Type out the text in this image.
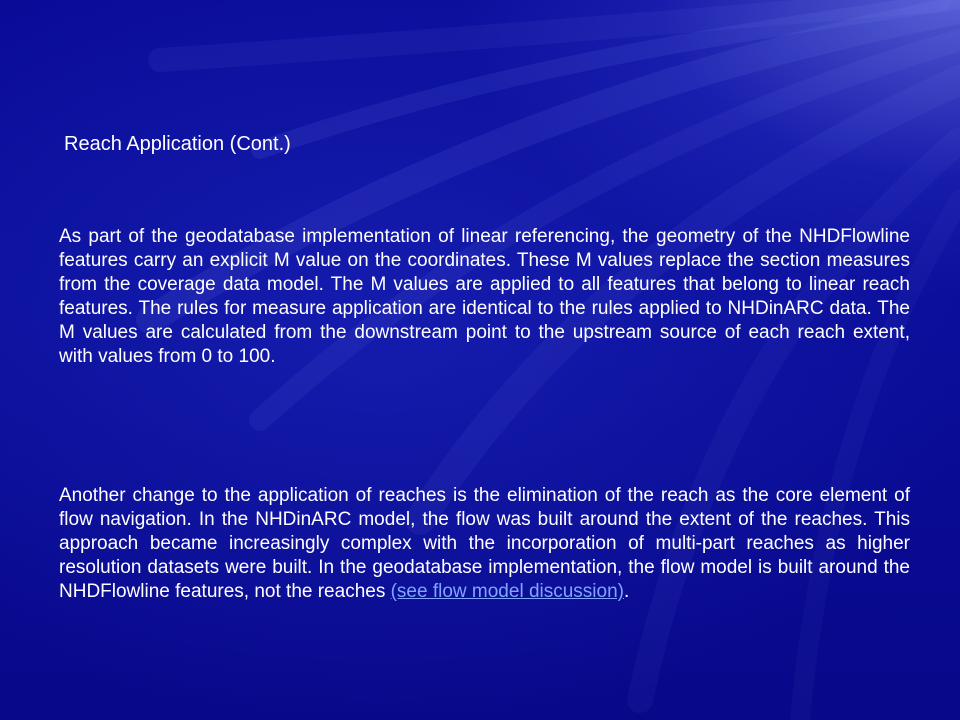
Reach Application (Cont.)

As part of the geodatabase implementation of linear referencing, the geometry of the NHDFlowline features carry an explicit M value on the coordinates. These M values replace the section measures from the coverage data model. The M values are applied to all features that belong to linear reach features. The rules for measure application are identical to the rules applied to NHDinARC data. The M values are calculated from the downstream point to the upstream source of each reach extent, with values from 0 to 100.

Another change to the application of reaches is the elimination of the reach as the core element of flow navigation. In the NHDinARC model, the flow was built around the extent of the reaches. This approach became increasingly complex with the incorporation of multi-part reaches as higher resolution datasets were built. In the geodatabase implementation, the flow model is built around the NHDFlowline features, not the reaches (see flow model discussion).
